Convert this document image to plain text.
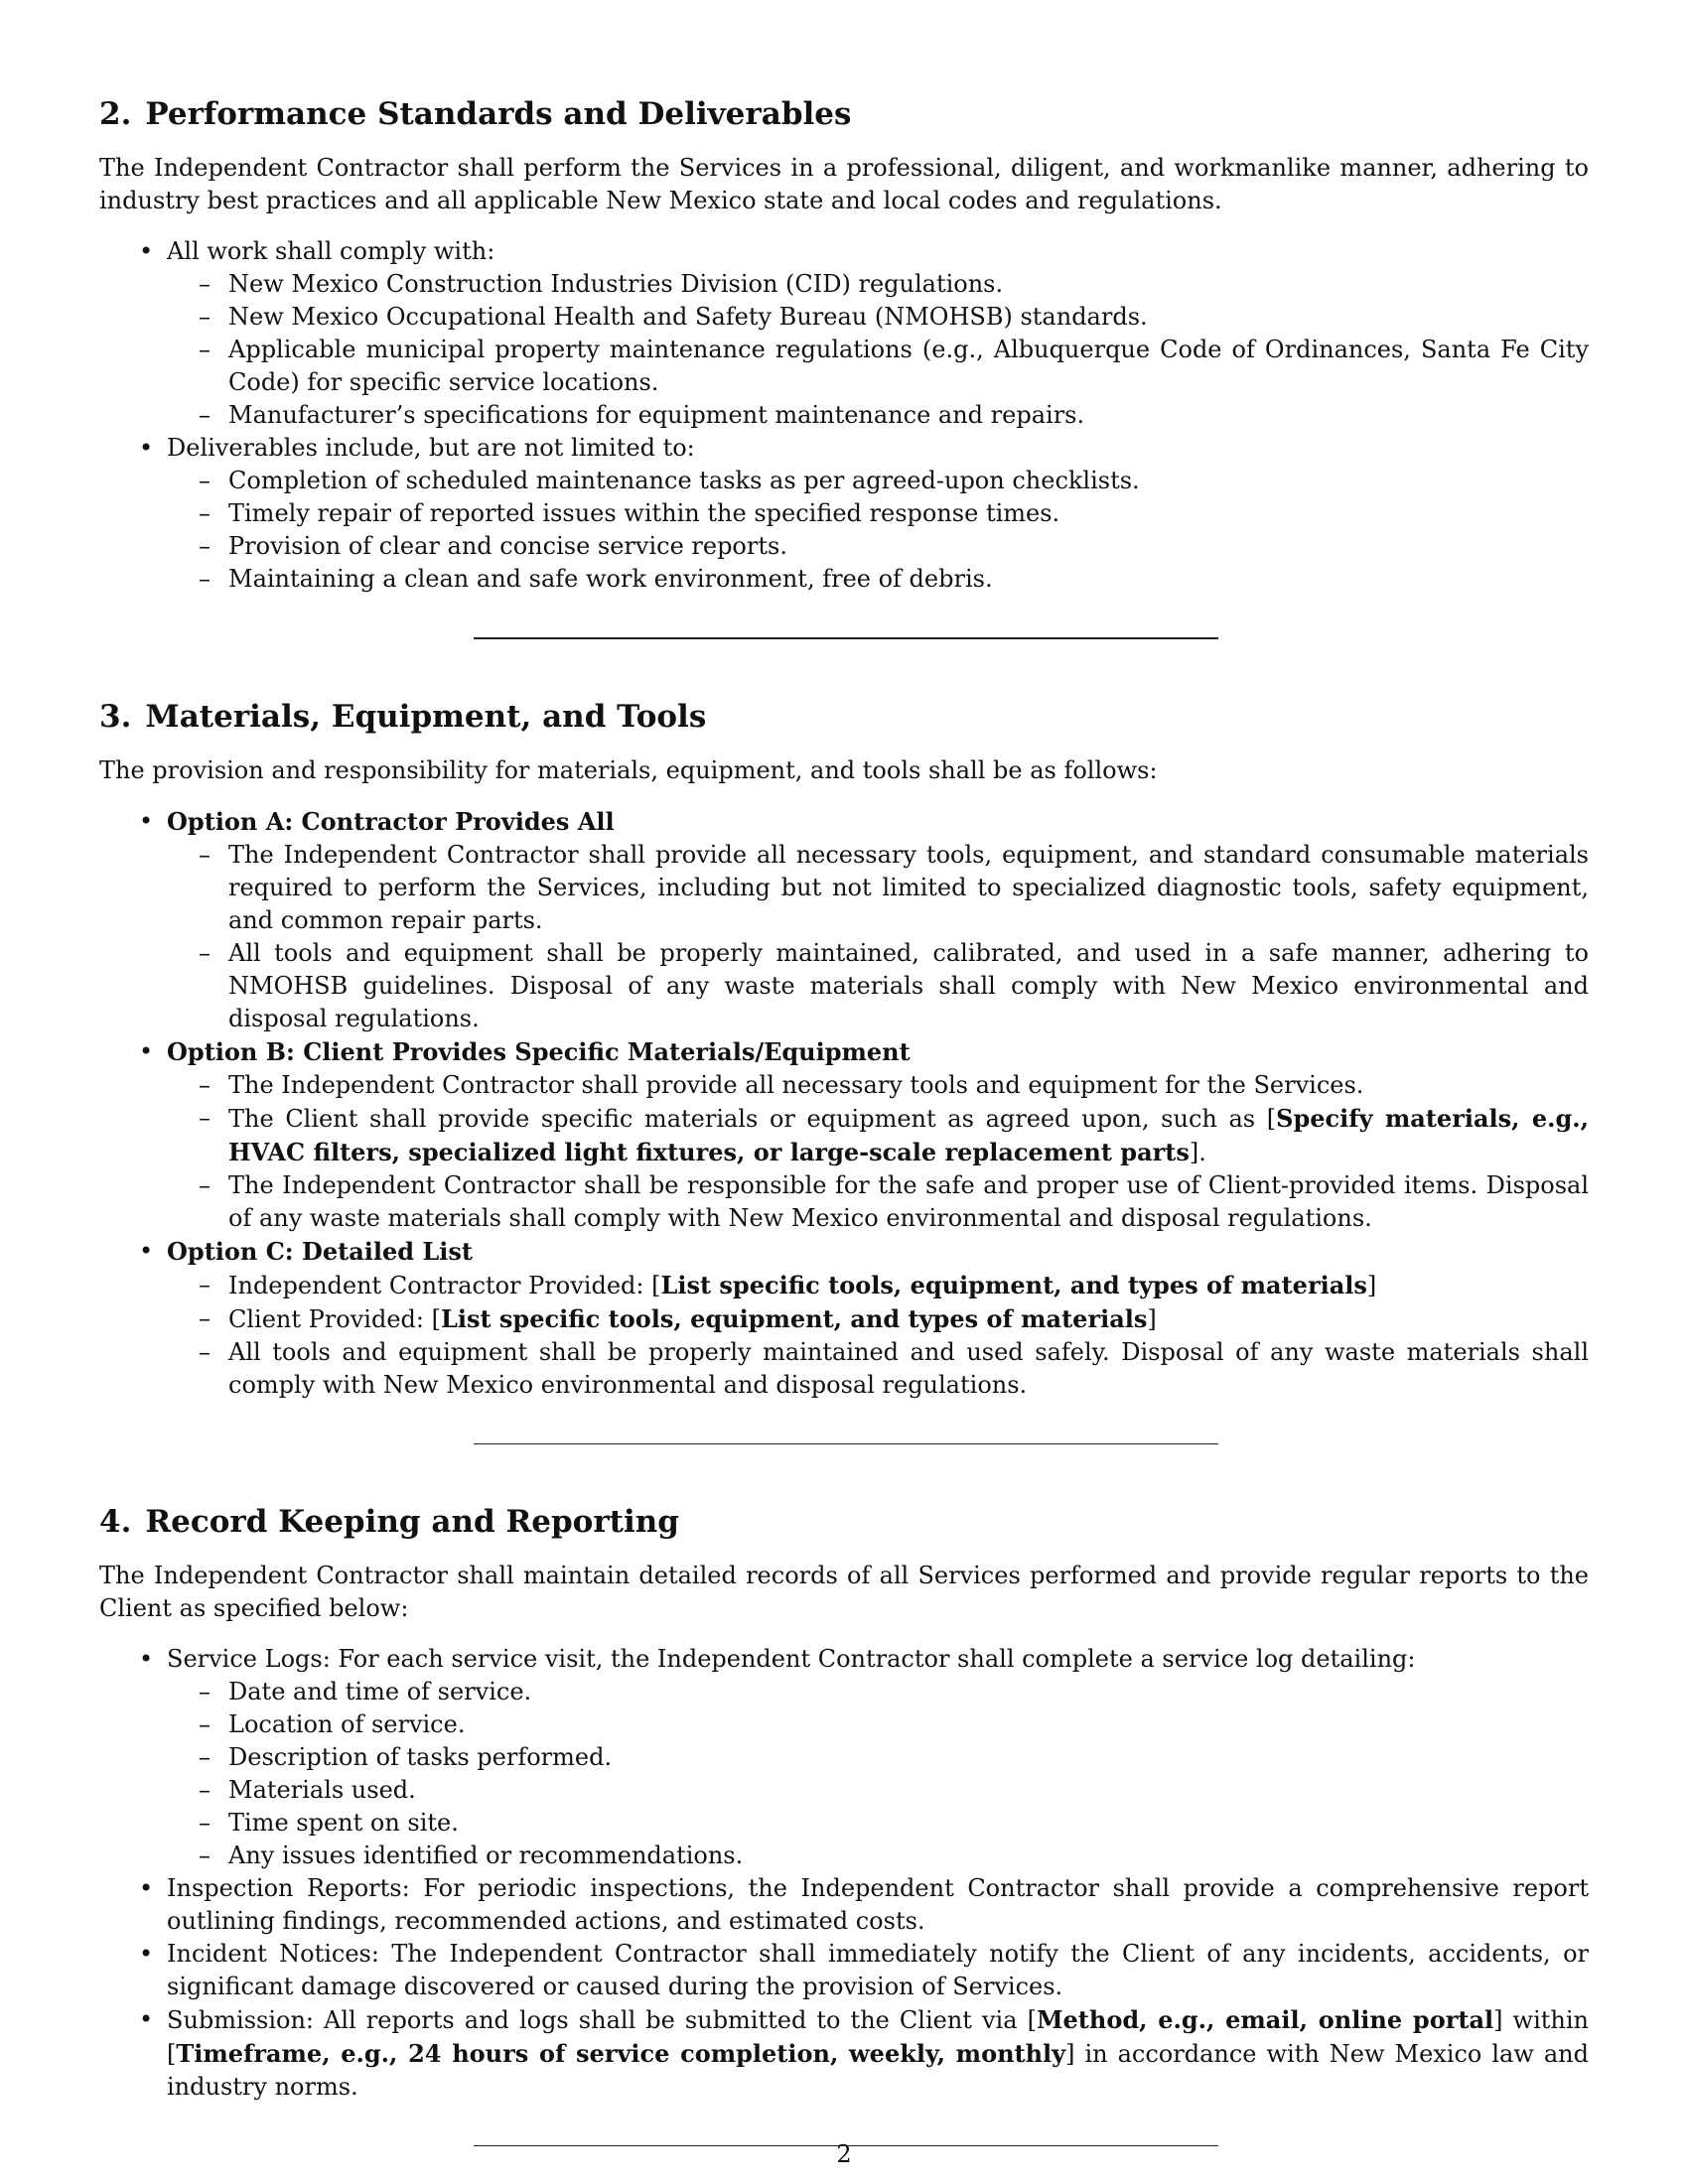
2. Performance Standards and Deliverables

The Independent Contractor shall perform the Services in a professional, diligent, and workmanlike manner, adhering to industry best practices and all applicable New Mexico state and local codes and regulations.

• All work shall comply with:
– New Mexico Construction Industries Division (CID) regulations.
– New Mexico Occupational Health and Safety Bureau (NMOHSB) standards.
– Applicable municipal property maintenance regulations (e.g., Albuquerque Code of Ordinances, Santa Fe City Code) for specific service locations.
– Manufacturer’s specifications for equipment maintenance and repairs.
• Deliverables include, but are not limited to:
– Completion of scheduled maintenance tasks as per agreed-upon checklists.
– Timely repair of reported issues within the specified response times.
– Provision of clear and concise service reports.
– Maintaining a clean and safe work environment, free of debris.
3. Materials, Equipment, and Tools

The provision and responsibility for materials, equipment, and tools shall be as follows:

• Option A: Contractor Provides All
– The Independent Contractor shall provide all necessary tools, equipment, and standard consumable materials required to perform the Services, including but not limited to specialized diagnostic tools, safety equipment, and common repair parts.
– All tools and equipment shall be properly maintained, calibrated, and used in a safe manner, adhering to NMOHSB guidelines. Disposal of any waste materials shall comply with New Mexico environmental and disposal regulations.
• Option B: Client Provides Specific Materials/Equipment
– The Independent Contractor shall provide all necessary tools and equipment for the Services.
– The Client shall provide specific materials or equipment as agreed upon, such as [Specify materials, e.g., HVAC filters, specialized light fixtures, or large-scale replacement parts].
– The Independent Contractor shall be responsible for the safe and proper use of Client-provided items. Disposal of any waste materials shall comply with New Mexico environmental and disposal regulations.
• Option C: Detailed List
– Independent Contractor Provided: [List specific tools, equipment, and types of materials]
– Client Provided: [List specific tools, equipment, and types of materials]
– All tools and equipment shall be properly maintained and used safely. Disposal of any waste materials shall comply with New Mexico environmental and disposal regulations.
4. Record Keeping and Reporting

The Independent Contractor shall maintain detailed records of all Services performed and provide regular reports to the Client as specified below:

• Service Logs: For each service visit, the Independent Contractor shall complete a service log detailing:
– Date and time of service.
– Location of service.
– Description of tasks performed.
– Materials used.
– Time spent on site.
– Any issues identified or recommendations.
• Inspection Reports: For periodic inspections, the Independent Contractor shall provide a comprehensive report outlining findings, recommended actions, and estimated costs.
• Incident Notices: The Independent Contractor shall immediately notify the Client of any incidents, accidents, or significant damage discovered or caused during the provision of Services.
• Submission: All reports and logs shall be submitted to the Client via [Method, e.g., email, online portal] within [Timeframe, e.g., 24 hours of service completion, weekly, monthly] in accordance with New Mexico law and industry norms.
2
